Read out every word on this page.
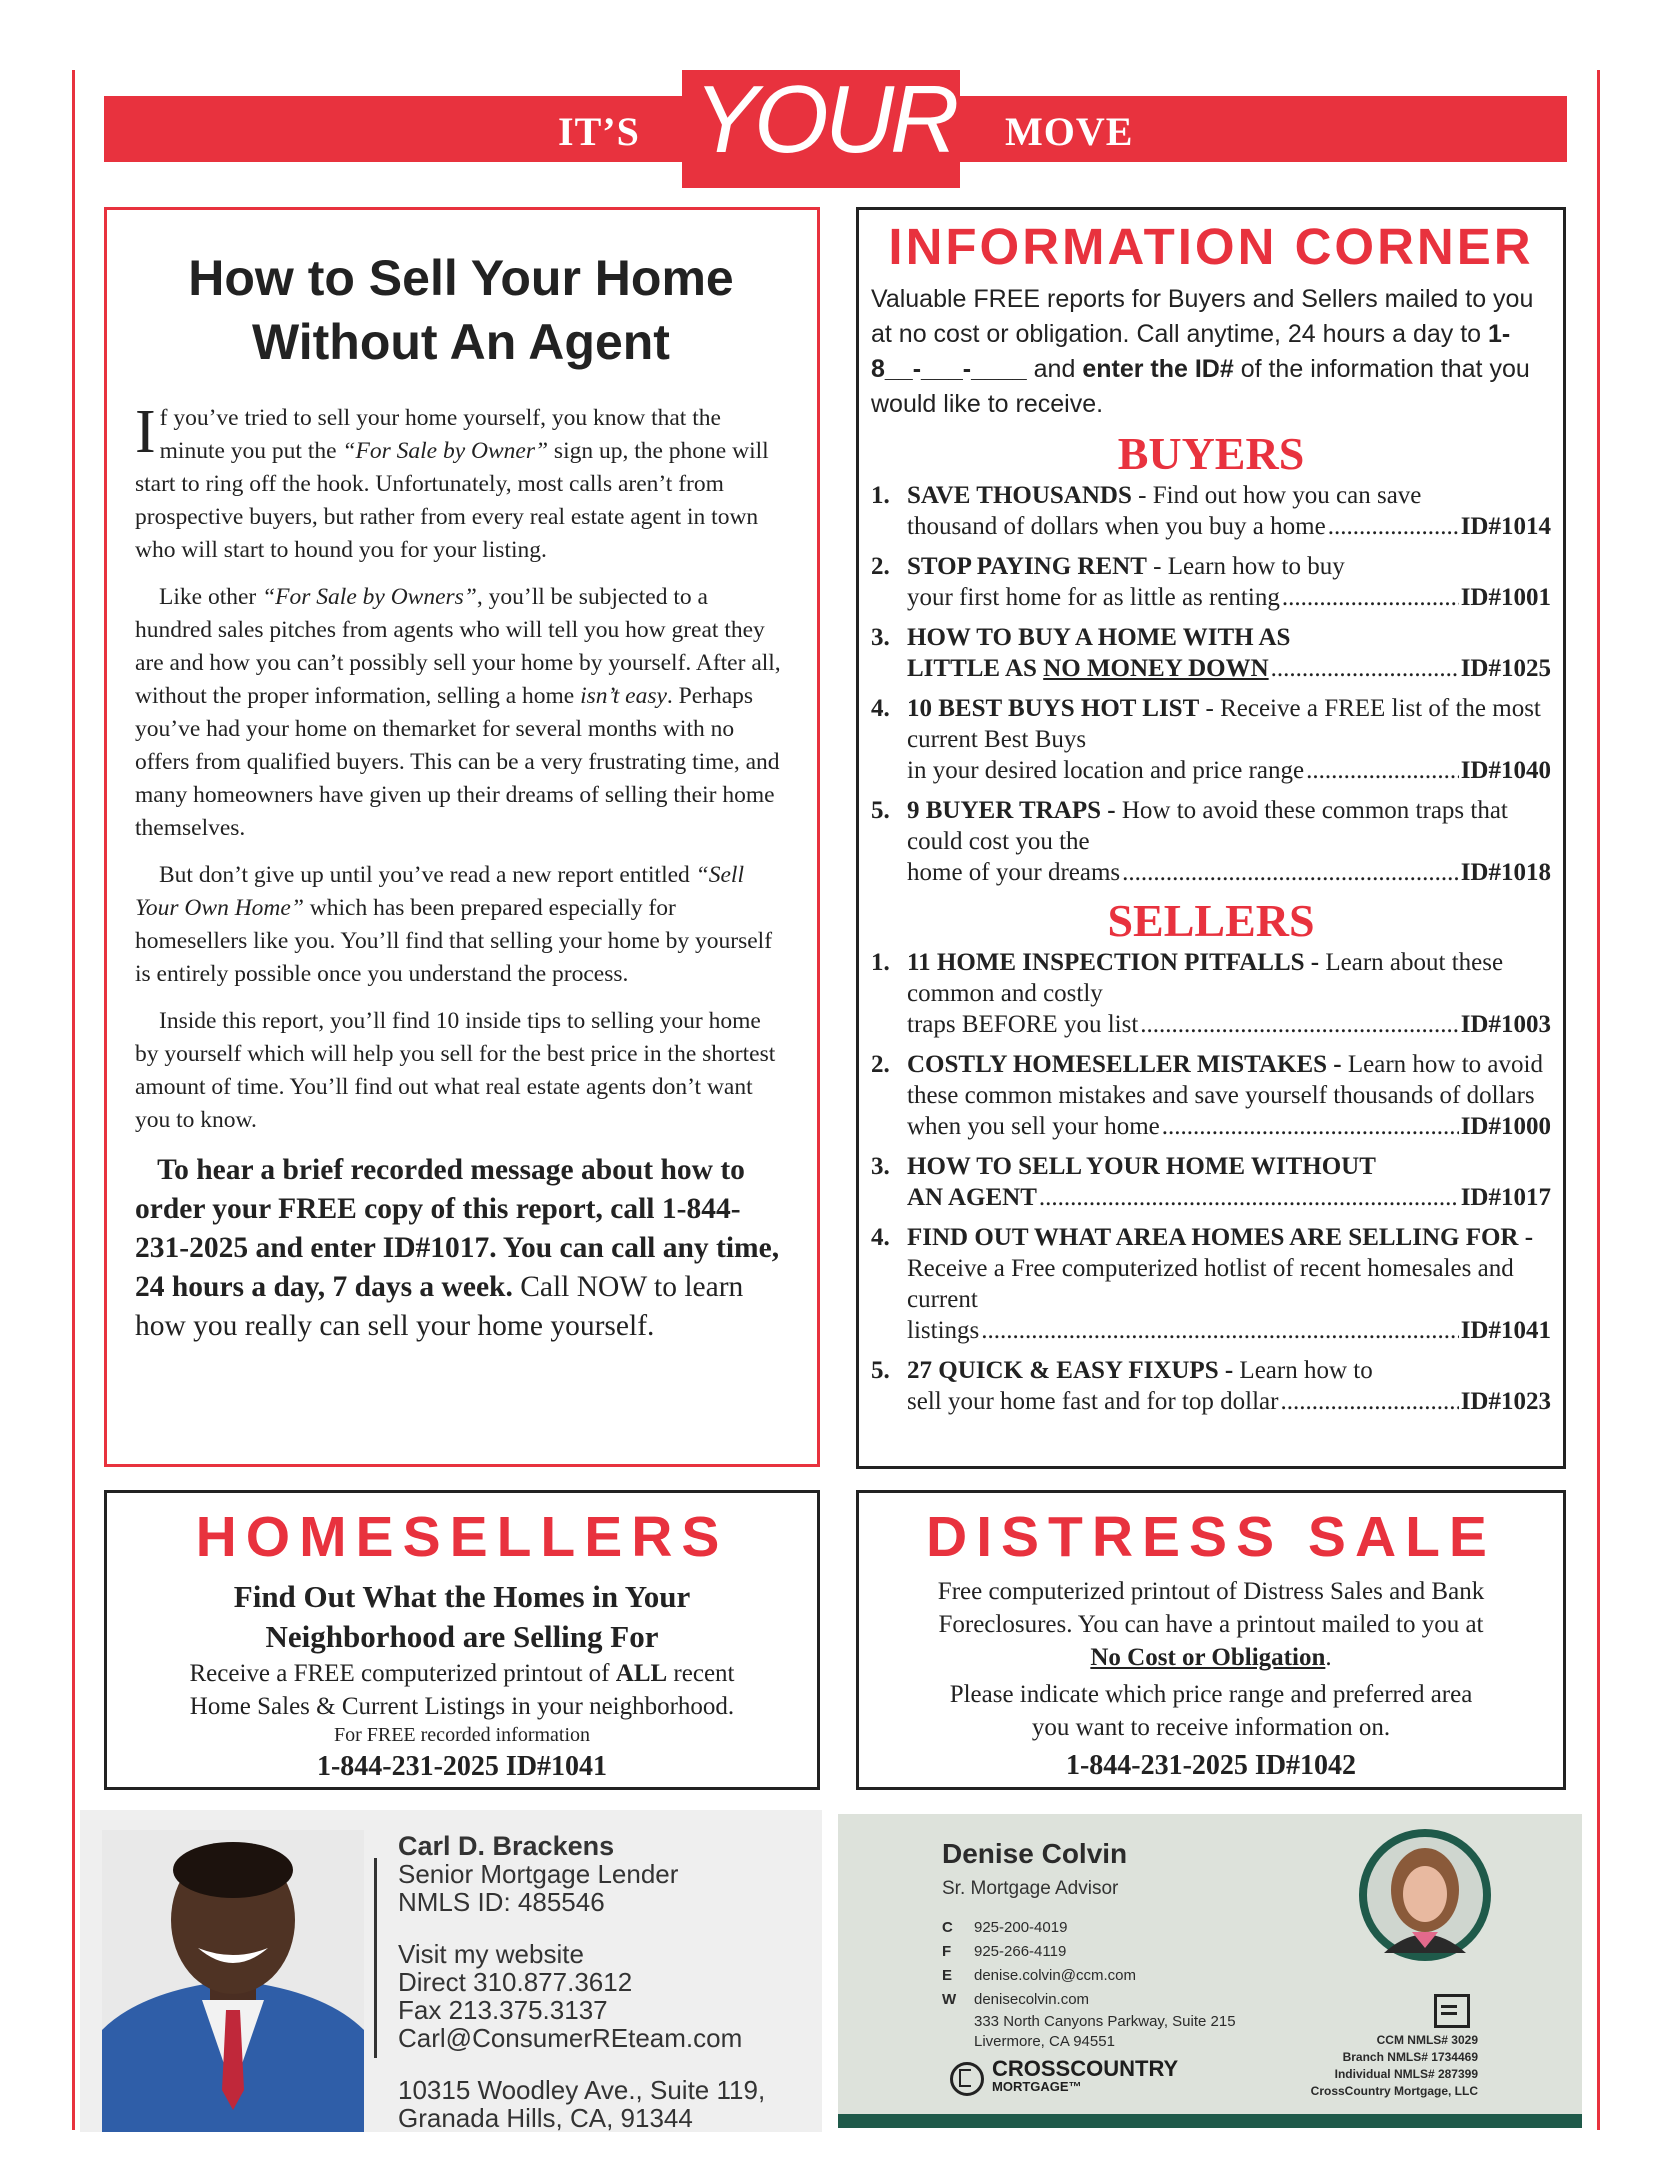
IT’S	MOVE
YOUR
How to Sell Your Home
Without An Agent

If you’ve tried to sell your home yourself, you know that the minute you put the “For Sale by Owner” sign up, the phone will start to ring off the hook. Unfortunately, most calls aren’t from prospective buyers, but rather from every real estate agent in town who will start to hound you for your listing.

Like other “For Sale by Owners”, you’ll be subjected to a hundred sales pitches from agents who will tell you how great they are and how you can’t possibly sell your home by yourself. After all, without the proper information, selling a home isn’t easy. Perhaps you’ve had your home on themarket for several months with no offers from qualified buyers. This can be a very frustrating time, and many homeowners have given up their dreams of selling their home themselves.

But don’t give up until you’ve read a new report entitled “Sell Your Own Home” which has been prepared especially for homesellers like you. You’ll find that selling your home by yourself is entirely possible once you understand the process.

Inside this report, you’ll find 10 inside tips to selling your home by yourself which will help you sell for the best price in the shortest amount of time. You’ll find out what real estate agents don’t want you to know.

To hear a brief recorded message about how to order your FREE copy of this report, call 1-844-231-2025 and enter ID#1017. You can call any time, 24 hours a day, 7 days a week. Call NOW to learn how you really can sell your home yourself.
INFORMATION CORNER
Valuable FREE reports for Buyers and Sellers mailed to you at no cost or obligation. Call anytime, 24 hours a day to 1-8__-___-____ and enter the ID# of the information that you would like to receive.
BUYERS
1. SAVE THOUSANDS - Find out how you can save
thousand of dollars when you buy a home .....	ID#1014
2. STOP PAYING RENT - Learn how to buy
your first home for as little as renting .....	ID#1001
3. HOW TO BUY A HOME WITH AS
LITTLE AS NO MONEY DOWN .....	ID#1025
4. 10 BEST BUYS HOT LIST - Receive a FREE list of the most current Best Buys
in your desired location and price range .....	ID#1040
5. 9 BUYER TRAPS - How to avoid these common traps that could cost you the
home of your dreams .....	ID#1018
SELLERS
1. 11 HOME INSPECTION PITFALLS - Learn about these common and costly
traps BEFORE you list .....	ID#1003
2. COSTLY HOMESELLER MISTAKES - Learn how to avoid these common mistakes and save yourself thousands of dollars
when you sell your home .....	ID#1000
3. HOW TO SELL YOUR HOME WITHOUT
AN AGENT .....	ID#1017
4. FIND OUT WHAT AREA HOMES ARE SELLING FOR - Receive a Free computerized hotlist of recent homesales and current
listings .....	ID#1041
5. 27 QUICK & EASY FIXUPS - Learn how to
sell your home fast and for top dollar .....	ID#1023
HOMESELLERS
Find Out What the Homes in Your Neighborhood are Selling For
Receive a FREE computerized printout of ALL recent Home Sales & Current Listings in your neighborhood.
For FREE recorded information
1-844-231-2025 ID#1041
DISTRESS SALE
Free computerized printout of Distress Sales and Bank Foreclosures. You can have a printout mailed to you at No Cost or Obligation.
Please indicate which price range and preferred area you want to receive information on.
1-844-231-2025 ID#1042
Carl D. Brackens
Senior Mortgage Lender
NMLS ID: 485546
Visit my website
Direct 310.877.3612
Fax 213.375.3137
Carl@ConsumerREteam.com
10315 Woodley Ave., Suite 119,
Granada Hills, CA, 91344
Denise Colvin
Sr. Mortgage Advisor
C 925-200-4019
F 925-266-4119
E denise.colvin@ccm.com
W denisecolvin.com
333 North Canyons Parkway, Suite 215
Livermore, CA 94551
CROSSCOUNTRY
MORTGAGE™
CCM NMLS# 3029
Branch NMLS# 1734469
Individual NMLS# 287399
CrossCountry Mortgage, LLC
